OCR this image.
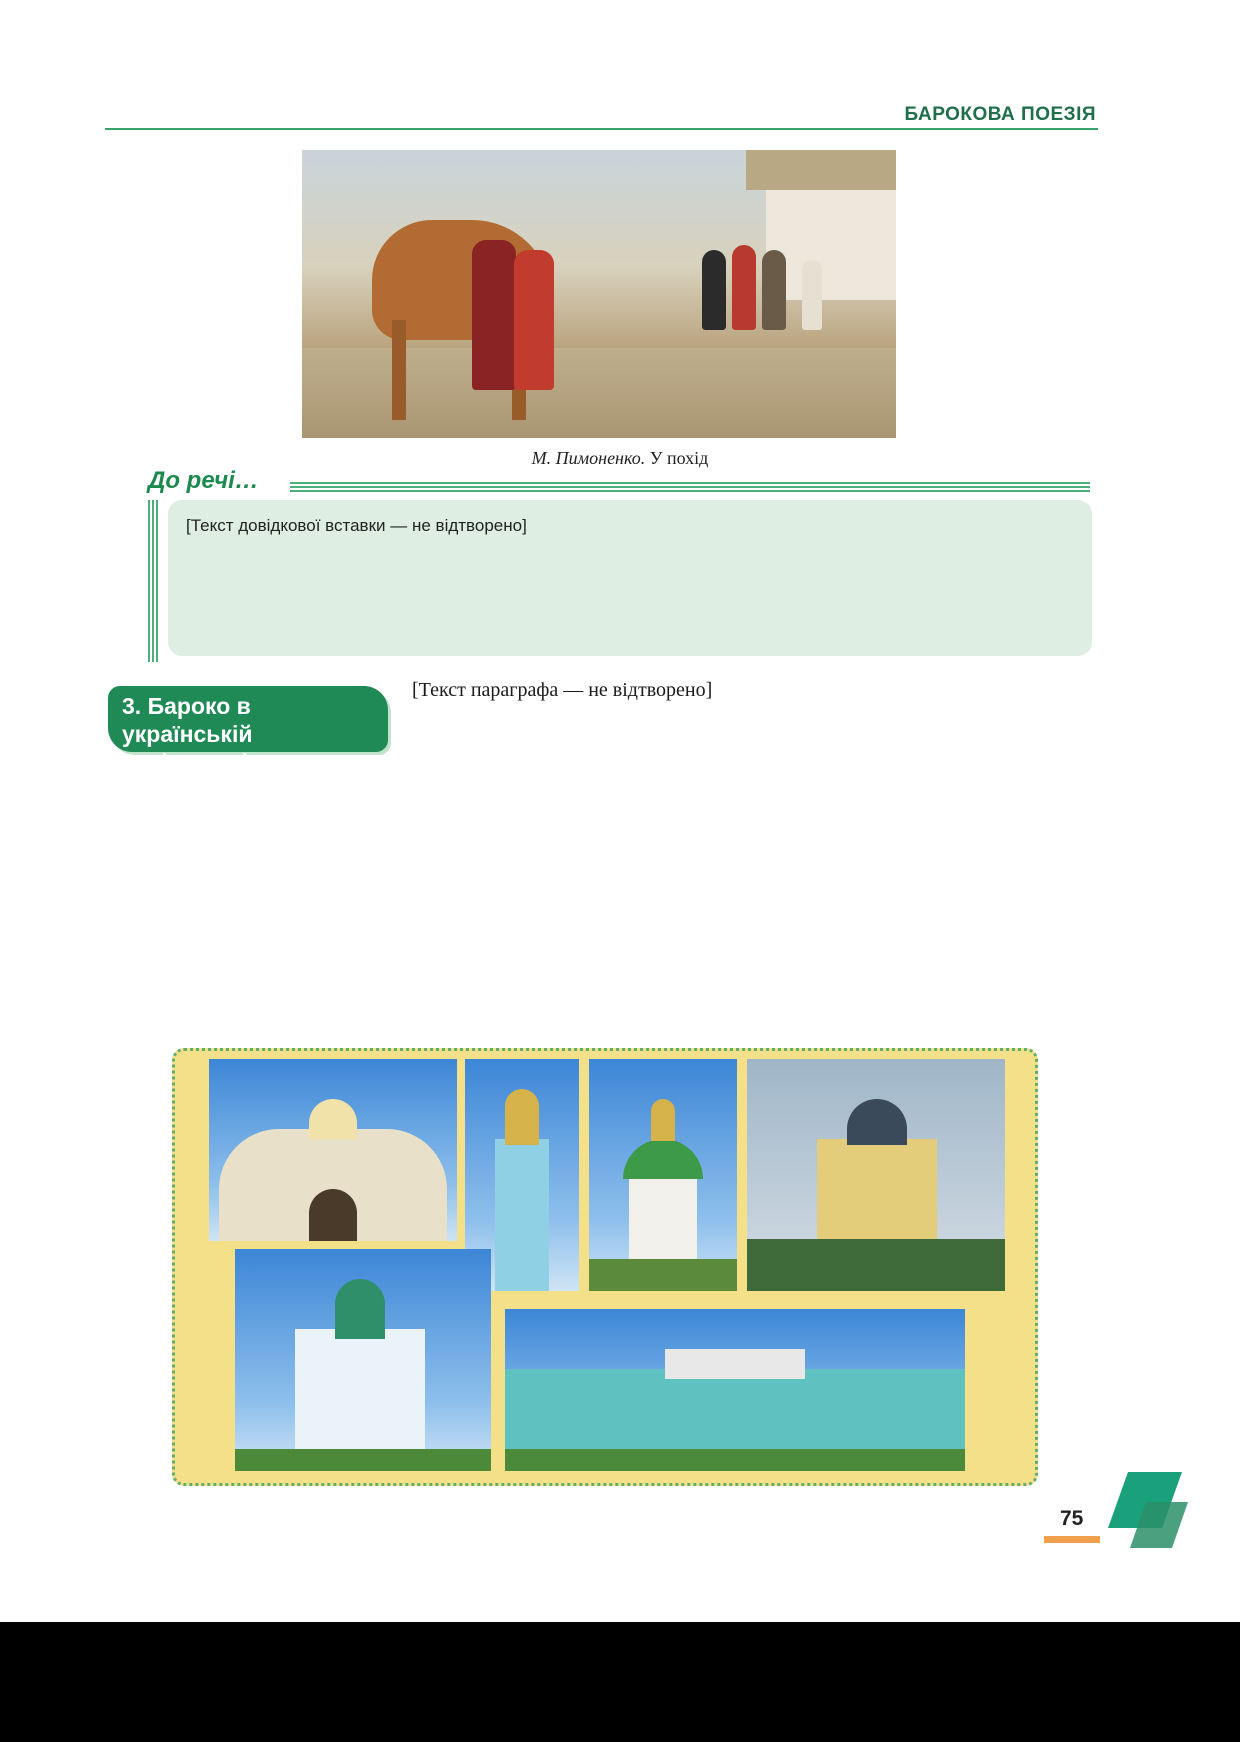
БАРОКОВА ПОЕЗІЯ
М. Пимоненко. У похід
До речі…
[Текст довідкової вставки — не відтворено]
3. Бароко в українській архітектурі.
[Текст параграфа — не відтворено]
75
